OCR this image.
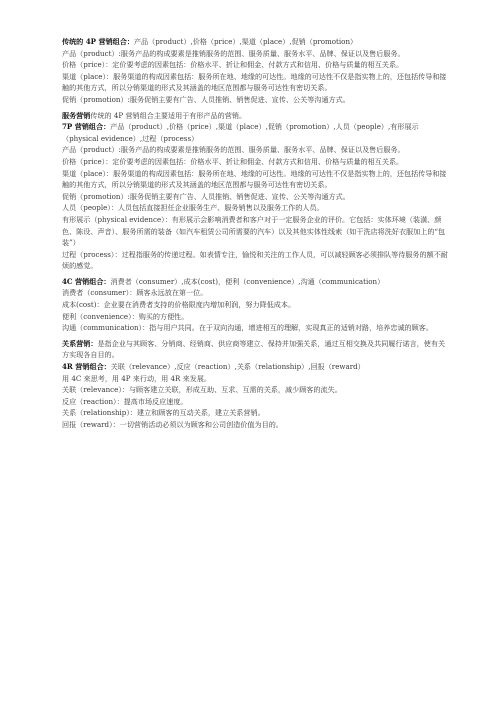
传统的 4P 营销组合：产品（product）,价格（price）,渠道（place）,促销（promotion）

产品（product）:服务产品的构成要素是推销服务的范围、服务质量、服务水平、品牌、保证以及售后服务。

价格（price）：定价要考虑的因素包括：价格水平、折让和佣金、付款方式和信用、价格与质量的相互关系。

渠道（place）：服务渠道的构成因素包括：服务所在地、地缘的可达性。地缘的可达性不仅是指实物上的，还包括传导和接触的其他方式，所以分销渠道的形式及其涵盖的地区范围都与服务可达性有密切关系。

促销（promotion）:服务促销主要有广告、人员推销、销售促进、宣传、公关等沟通方式。

服务营销传统的 4P 营销组合主要适用于有形产品的营销。

7P 营销组合：产品（product）,价格（price）,渠道（place）,促销（promotion）,人员（people）,有形展示（physical evidence）,过程（process）

产品（product）:服务产品的构成要素是推销服务的范围、服务质量、服务水平、品牌、保证以及售后服务。

价格（price）：定价要考虑的因素包括：价格水平、折让和佣金、付款方式和信用、价格与质量的相互关系。

渠道（place）：服务渠道的构成因素包括：服务所在地、地缘的可达性。地缘的可达性不仅是指实物上的，还包括传导和接触的其他方式，所以分销渠道的形式及其涵盖的地区范围都与服务可达性有密切关系。

促销（promotion）:服务促销主要有广告、人员推销、销售促进、宣传、公关等沟通方式。

人员（people）：人员包括直接担任企业服务生产、服务销售以及服务工作的人员。

有形展示（physical evidence）：有形展示会影响消费者和客户对于一定服务企业的评价。它包括：实体环境（装潢、颜色、陈设、声音）、服务所需的装备（如汽车租赁公司所需要的汽车）以及其他实体性线索（如干洗店将洗好衣服加上的“包装”）

过程（process）：过程指服务的传递过程。如表情专注，愉悦和关注的工作人员，可以减轻顾客必须排队等待服务的额不耐烦的感觉。

4C 营销组合：消费者（consumer）,成本(cost)，便利（convenience）,沟通（communication）

消费者（consumer）：顾客永远放在第一位。

成本(cost)：企业要在消费者支持的价格限度内增加利润，努力降低成本。

便利（convenience）：购买的方便性。

沟通（communication）：指与用户共同。在于双向沟通，增进相互的理解，实现真正的适销对路，培养忠诚的顾客。

关系营销：是指企业与其顾客、分销商、经销商、供应商等建立、保持并加强关系，通过互相交换及共同履行诺言，使有关方实现各自目的。

4R 营销组合：关联（relevance）,反应（reaction）,关系（relationship）,回报（reward）

用 4C 来思考，用 4P 来行动，用 4R 来发展。

关联（relevance）：与顾客建立关联，形成互助、互求、互需的关系，减少顾客的流失。

反应（reaction）：提高市场反应速度。

关系（relationship）：建立和顾客的互动关系，建立关系营销。

回报（reward）：一切营销活动必须以为顾客和公司创造价值为目的。
